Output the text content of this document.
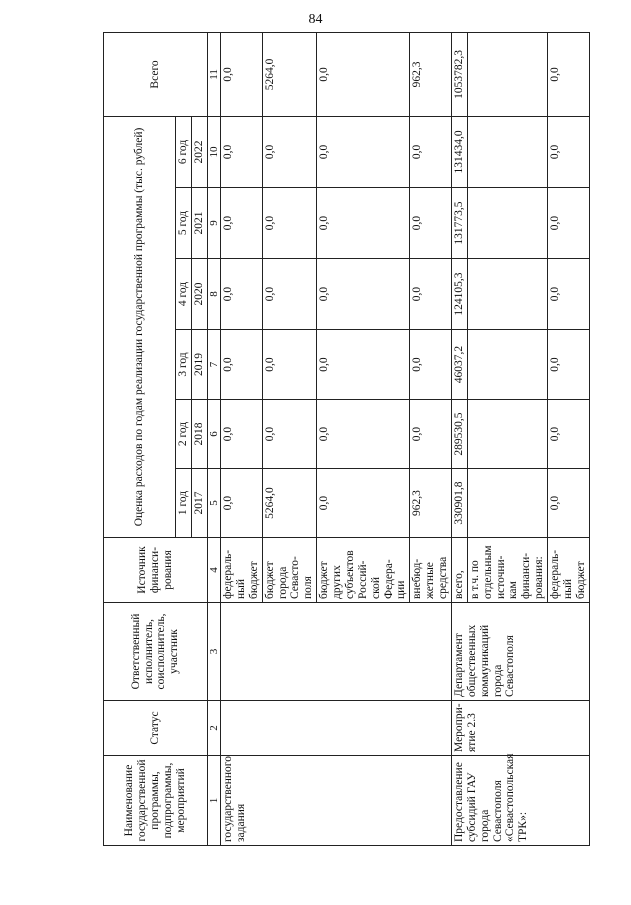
84
Наименование государственной программы, подпрограммы, мероприятий	Статус	Ответственный исполнитель, соисполнитель, участник	Источник финанси-рования	Оценка расходов по годам реализации государственной программы (тыс. рублей)						Всего
				1 год	2 год	3 год	4 год	5 год	6 год	
				2017	2018	2019	2020	2021	2022	
1	2	3	4	5	6	7	8	9	10	11
государственного задания			федераль-ный бюджет	0,0	0,0	0,0	0,0	0,0	0,0	0,0
			бюджет города Севасто-поля	5264,0	0,0	0,0	0,0	0,0	0,0	5264,0
			бюджет других субъектов Россий-ской Федера-ции	0,0	0,0	0,0	0,0	0,0	0,0	0,0
			внебюд-жетные средства	962,3	0,0	0,0	0,0	0,0	0,0	962,3
Предоставление субсидий ГАУ города Севастополя «Севастопольская ТРК»:	Меропри-ятие 2.3	Департамент общественных коммуникаций города Севастополя	всего,	330901,8	289530,5	46037,2	124105,3	131773,5	131434,0	1053782,3
			в т.ч. по отдельным источни-кам финанси-рования:							
			федераль-ный бюджет	0,0	0,0	0,0	0,0	0,0	0,0	0,0
